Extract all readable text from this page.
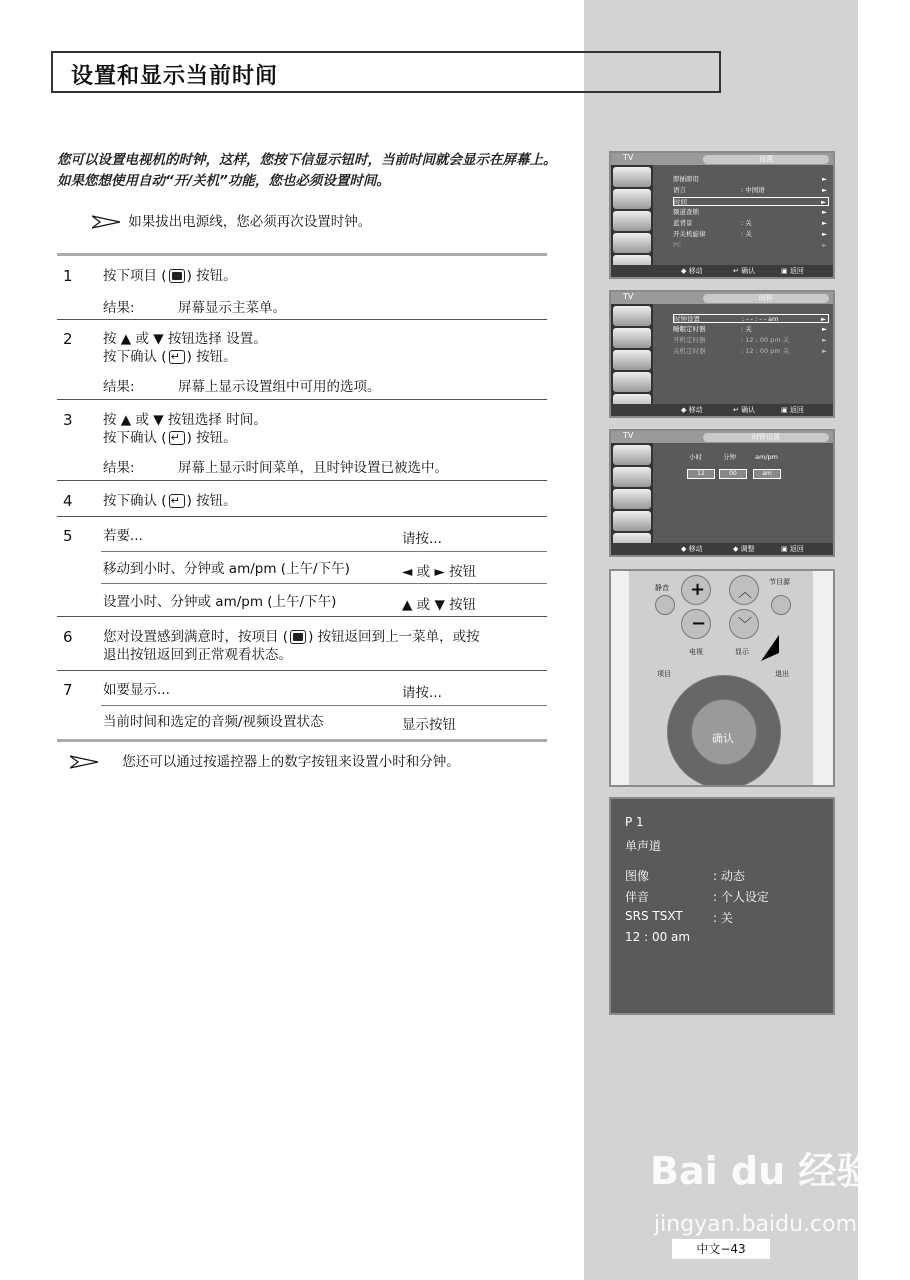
设置和显示当前时间
您可以设置电视机的时钟，这样，您按下信显示钮时，当前时间就会显示在屏幕上。如果您想使用自动“开/关机”功能，您也必须设置时间。
如果拔出电源线，您必须再次设置时钟。
1 按下项目 ( ) 按钮。
结果:	屏幕显示主菜单。
2 按 ▲ 或 ▼ 按钮选择 设置。
按下确认 ( ↵ ) 按钮。
结果:	屏幕上显示设置组中可用的选项。
3 按 ▲ 或 ▼ 按钮选择 时间。
按下确认 ( ↵ ) 按钮。
结果:	屏幕上显示时间菜单，且时钟设置已被选中。
4 按下确认 ( ↵ ) 按钮。
5 若要...	请按...
移动到小时、分钟或 am/pm (上午/下午)	◄ 或 ► 按钮
设置小时、分钟或 am/pm (上午/下午)	▲ 或 ▼ 按钮
6 您对设置感到满意时，按项目 ( ) 按钮返回到上一菜单，或按
退出按钮返回到正常观看状态。
7 如要显示...	请按...
当前时间和选定的音频/视频设置状态	显示按钮
您还可以通过按遥控器上的数字按钮来设置小时和分钟。
TV	设置
即插即用	►
语言	: 中国语	►
时间	►
频道查锁	►
蓝背景	: 关	►
开关机旋律	: 关	►
PC	►
◆ 移动	↵ 确认	▣ 返回
TV	时钟
时钟设置	: - - : - - am	►
睡眠定时器	: 关	►
开机定时器	: 12 : 00 pm 关	►
关机定时器	: 12 : 00 pm 关	►
◆ 移动	↵ 确认	▣ 返回
TV	时钟设置
小时	分钟	am/pm
12	00	am
◆ 移动	◆ 调整	▣ 返回
+
−
︿
﹀
静音
节目源
电视	显示
项目	退出
确认
P 1
单声道
图像	: 动态
伴音	: 个人设定
SRS TSXT	: 关
12 : 00 am
Bai du 经验
jingyan.baidu.com
中文−43
